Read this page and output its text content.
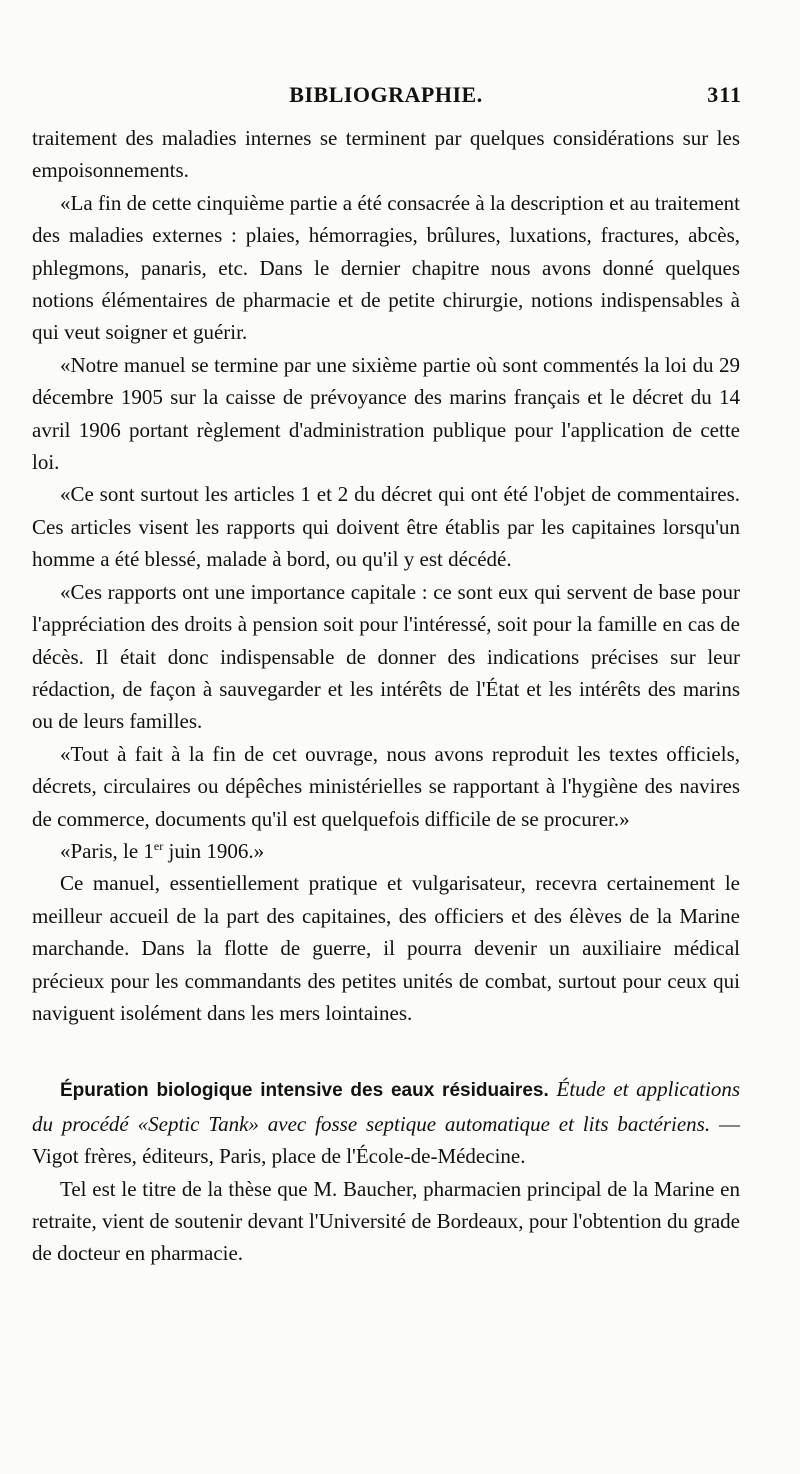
BIBLIOGRAPHIE.	311

traitement des maladies internes se terminent par quelques considérations sur les empoisonnements.

«La fin de cette cinquième partie a été consacrée à la description et au traitement des maladies externes : plaies, hémorragies, brûlures, luxations, fractures, abcès, phlegmons, panaris, etc. Dans le dernier chapitre nous avons donné quelques notions élémentaires de pharmacie et de petite chirurgie, notions indispensables à qui veut soigner et guérir.

«Notre manuel se termine par une sixième partie où sont commentés la loi du 29 décembre 1905 sur la caisse de prévoyance des marins français et le décret du 14 avril 1906 portant règlement d'administration publique pour l'application de cette loi.

«Ce sont surtout les articles 1 et 2 du décret qui ont été l'objet de commentaires. Ces articles visent les rapports qui doivent être établis par les capitaines lorsqu'un homme a été blessé, malade à bord, ou qu'il y est décédé.

«Ces rapports ont une importance capitale : ce sont eux qui servent de base pour l'appréciation des droits à pension soit pour l'intéressé, soit pour la famille en cas de décès. Il était donc indispensable de donner des indications précises sur leur rédaction, de façon à sauvegarder et les intérêts de l'État et les intérêts des marins ou de leurs familles.

«Tout à fait à la fin de cet ouvrage, nous avons reproduit les textes officiels, décrets, circulaires ou dépêches ministérielles se rapportant à l'hygiène des navires de commerce, documents qu'il est quelquefois difficile de se procurer.»

«Paris, le 1er juin 1906.»

Ce manuel, essentiellement pratique et vulgarisateur, recevra certainement le meilleur accueil de la part des capitaines, des officiers et des élèves de la Marine marchande. Dans la flotte de guerre, il pourra devenir un auxiliaire médical précieux pour les commandants des petites unités de combat, surtout pour ceux qui naviguent isolément dans les mers lointaines.

Épuration biologique intensive des eaux résiduaires. Étude et applications du procédé «Septic Tank» avec fosse septique automatique et lits bactériens. — Vigot frères, éditeurs, Paris, place de l'École-de-Médecine.

Tel est le titre de la thèse que M. Baucher, pharmacien principal de la Marine en retraite, vient de soutenir devant l'Université de Bordeaux, pour l'obtention du grade de docteur en pharmacie.
